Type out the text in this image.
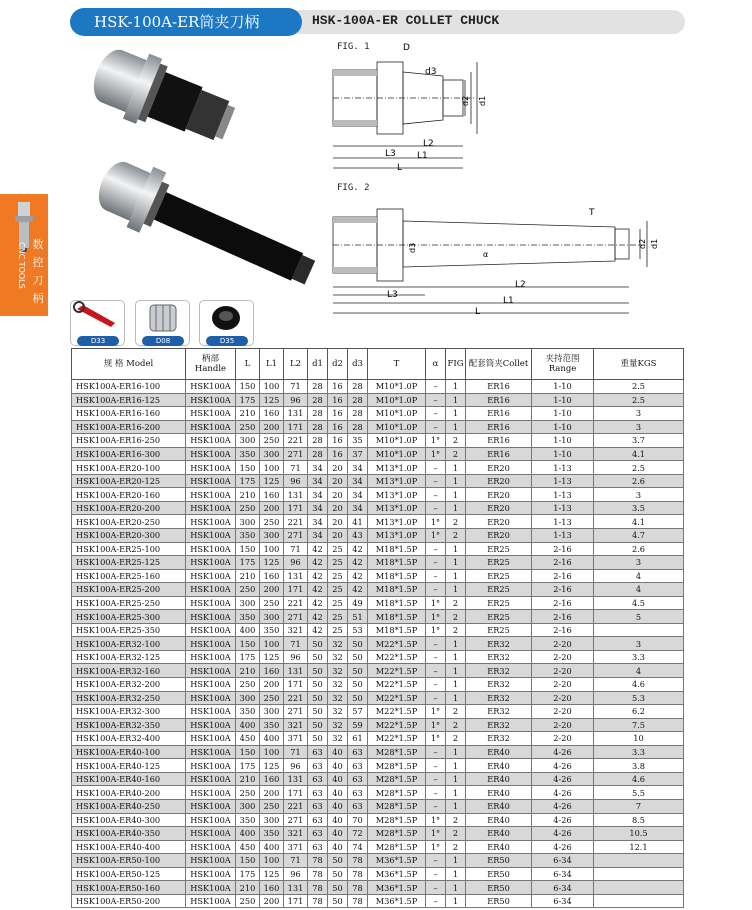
HSK-100A-ER筒夹刀柄	HSK-100A-ER COLLET CHUCK
数
控
刀
柄
CNC TOOLS
D33	D08	D35
FIG. 1	D
d3
d2 d1
L3
L2
L1
L
FIG. 2
T
d3
α
d2 d1
L2
L3
L1
L
规 格 Model	柄部 Handle	L	L1	L2	d1	d2	d3	T	α	FIG	配套筒夹Collet	夹持范围 Range	重量KGS
HSK100A-ER16-100	HSK100A	150	100	71	28	16	28	M10*1.0P	–	1	ER16	1-10	2.5
HSK100A-ER16-125	HSK100A	175	125	96	28	16	28	M10*1.0P	–	1	ER16	1-10	2.5
HSK100A-ER16-160	HSK100A	210	160	131	28	16	28	M10*1.0P	–	1	ER16	1-10	3
HSK100A-ER16-200	HSK100A	250	200	171	28	16	28	M10*1.0P	–	1	ER16	1-10	3
HSK100A-ER16-250	HSK100A	300	250	221	28	16	35	M10*1.0P	1°	2	ER16	1-10	3.7
HSK100A-ER16-300	HSK100A	350	300	271	28	16	37	M10*1.0P	1°	2	ER16	1-10	4.1
HSK100A-ER20-100	HSK100A	150	100	71	34	20	34	M13*1.0P	–	1	ER20	1-13	2.5
HSK100A-ER20-125	HSK100A	175	125	96	34	20	34	M13*1.0P	–	1	ER20	1-13	2.6
HSK100A-ER20-160	HSK100A	210	160	131	34	20	34	M13*1.0P	–	1	ER20	1-13	3
HSK100A-ER20-200	HSK100A	250	200	171	34	20	34	M13*1.0P	–	1	ER20	1-13	3.5
HSK100A-ER20-250	HSK100A	300	250	221	34	20	41	M13*1.0P	1°	2	ER20	1-13	4.1
HSK100A-ER20-300	HSK100A	350	300	271	34	20	43	M13*1.0P	1°	2	ER20	1-13	4.7
HSK100A-ER25-100	HSK100A	150	100	71	42	25	42	M18*1.5P	–	1	ER25	2-16	2.6
HSK100A-ER25-125	HSK100A	175	125	96	42	25	42	M18*1.5P	–	1	ER25	2-16	3
HSK100A-ER25-160	HSK100A	210	160	131	42	25	42	M18*1.5P	–	1	ER25	2-16	4
HSK100A-ER25-200	HSK100A	250	200	171	42	25	42	M18*1.5P	–	1	ER25	2-16	4
HSK100A-ER25-250	HSK100A	300	250	221	42	25	49	M18*1.5P	1°	2	ER25	2-16	4.5
HSK100A-ER25-300	HSK100A	350	300	271	42	25	51	M18*1.5P	1°	2	ER25	2-16	5
HSK100A-ER25-350	HSK100A	400	350	321	42	25	53	M18*1.5P	1°	2	ER25	2-16	
HSK100A-ER32-100	HSK100A	150	100	71	50	32	50	M22*1.5P	–	1	ER32	2-20	3
HSK100A-ER32-125	HSK100A	175	125	96	50	32	50	M22*1.5P	–	1	ER32	2-20	3.3
HSK100A-ER32-160	HSK100A	210	160	131	50	32	50	M22*1.5P	–	1	ER32	2-20	4
HSK100A-ER32-200	HSK100A	250	200	171	50	32	50	M22*1.5P	–	1	ER32	2-20	4.6
HSK100A-ER32-250	HSK100A	300	250	221	50	32	50	M22*1.5P	–	1	ER32	2-20	5.3
HSK100A-ER32-300	HSK100A	350	300	271	50	32	57	M22*1.5P	1°	2	ER32	2-20	6.2
HSK100A-ER32-350	HSK100A	400	350	321	50	32	59	M22*1.5P	1°	2	ER32	2-20	7.5
HSK100A-ER32-400	HSK100A	450	400	371	50	32	61	M22*1.5P	1°	2	ER32	2-20	10
HSK100A-ER40-100	HSK100A	150	100	71	63	40	63	M28*1.5P	–	1	ER40	4-26	3.3
HSK100A-ER40-125	HSK100A	175	125	96	63	40	63	M28*1.5P	–	1	ER40	4-26	3.8
HSK100A-ER40-160	HSK100A	210	160	131	63	40	63	M28*1.5P	–	1	ER40	4-26	4.6
HSK100A-ER40-200	HSK100A	250	200	171	63	40	63	M28*1.5P	–	1	ER40	4-26	5.5
HSK100A-ER40-250	HSK100A	300	250	221	63	40	63	M28*1.5P	–	1	ER40	4-26	7
HSK100A-ER40-300	HSK100A	350	300	271	63	40	70	M28*1.5P	1°	2	ER40	4-26	8.5
HSK100A-ER40-350	HSK100A	400	350	321	63	40	72	M28*1.5P	1°	2	ER40	4-26	10.5
HSK100A-ER40-400	HSK100A	450	400	371	63	40	74	M28*1.5P	1°	2	ER40	4-26	12.1
HSK100A-ER50-100	HSK100A	150	100	71	78	50	78	M36*1.5P	–	1	ER50	6-34	
HSK100A-ER50-125	HSK100A	175	125	96	78	50	78	M36*1.5P	–	1	ER50	6-34	
HSK100A-ER50-160	HSK100A	210	160	131	78	50	78	M36*1.5P	–	1	ER50	6-34	
HSK100A-ER50-200	HSK100A	250	200	171	78	50	78	M36*1.5P	–	1	ER50	6-34	
